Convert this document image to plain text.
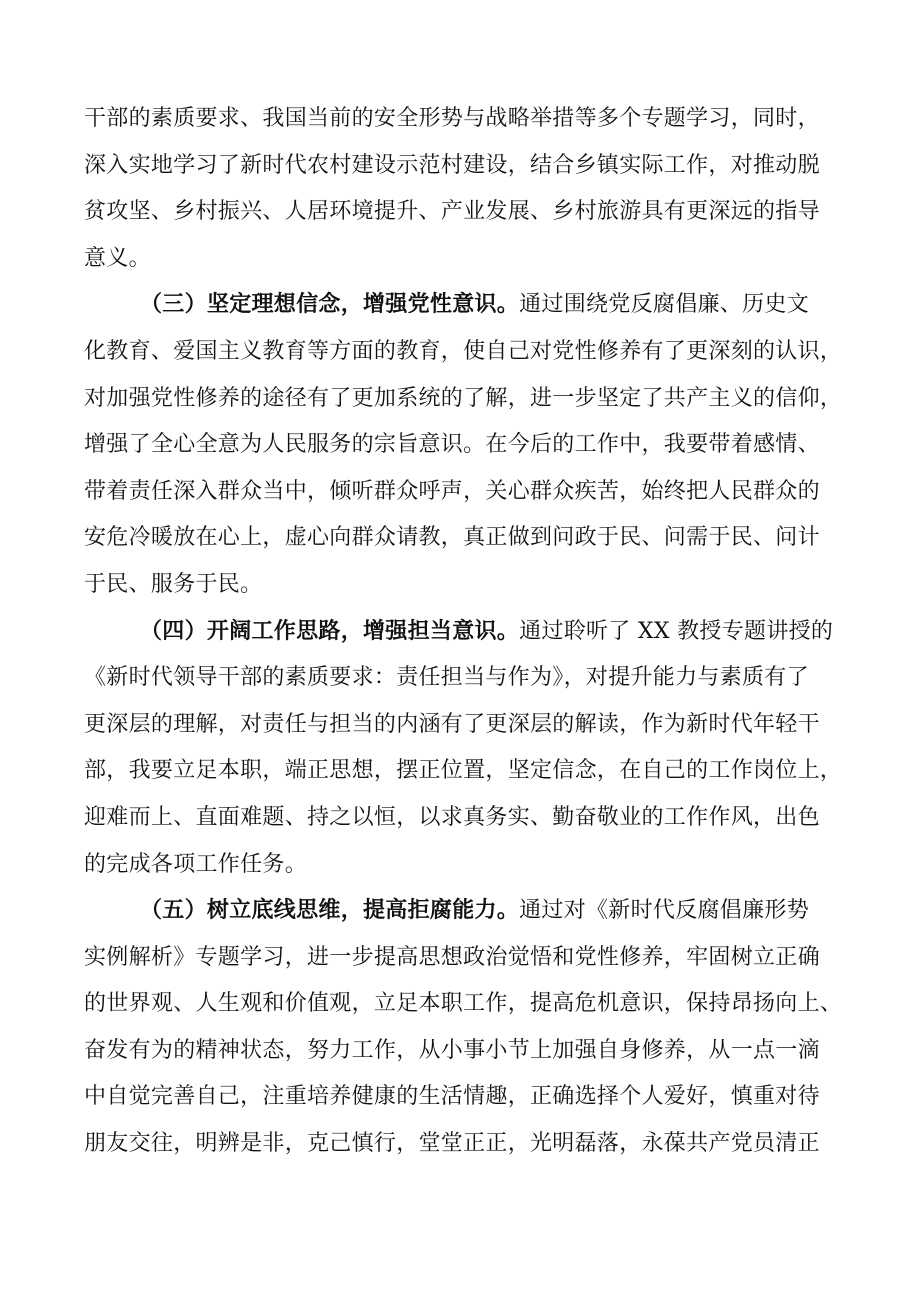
干部的素质要求、我国当前的安全形势与战略举措等多个专题学习，同时，
深入实地学习了新时代农村建设示范村建设，结合乡镇实际工作，对推动脱
贫攻坚、乡村振兴、人居环境提升、产业发展、乡村旅游具有更深远的指导
意义。
（三）坚定理想信念，增强党性意识。通过围绕党反腐倡廉、历史文
化教育、爱国主义教育等方面的教育，使自己对党性修养有了更深刻的认识，
对加强党性修养的途径有了更加系统的了解，进一步坚定了共产主义的信仰，
增强了全心全意为人民服务的宗旨意识。在今后的工作中，我要带着感情、
带着责任深入群众当中，倾听群众呼声，关心群众疾苦，始终把人民群众的
安危冷暖放在心上，虚心向群众请教，真正做到问政于民、问需于民、问计
于民、服务于民。
（四）开阔工作思路，增强担当意识。通过聆听了 XX 教授专题讲授的
《新时代领导干部的素质要求：责任担当与作为》，对提升能力与素质有了
更深层的理解，对责任与担当的内涵有了更深层的解读，作为新时代年轻干
部，我要立足本职，端正思想，摆正位置，坚定信念，在自己的工作岗位上，
迎难而上、直面难题、持之以恒，以求真务实、勤奋敬业的工作作风，出色
的完成各项工作任务。
（五）树立底线思维，提高拒腐能力。通过对《新时代反腐倡廉形势
实例解析》专题学习，进一步提高思想政治觉悟和党性修养，牢固树立正确
的世界观、人生观和价值观，立足本职工作，提高危机意识，保持昂扬向上、
奋发有为的精神状态，努力工作，从小事小节上加强自身修养，从一点一滴
中自觉完善自己，注重培养健康的生活情趣，正确选择个人爱好，慎重对待
朋友交往，明辨是非，克己慎行，堂堂正正，光明磊落，永葆共产党员清正
